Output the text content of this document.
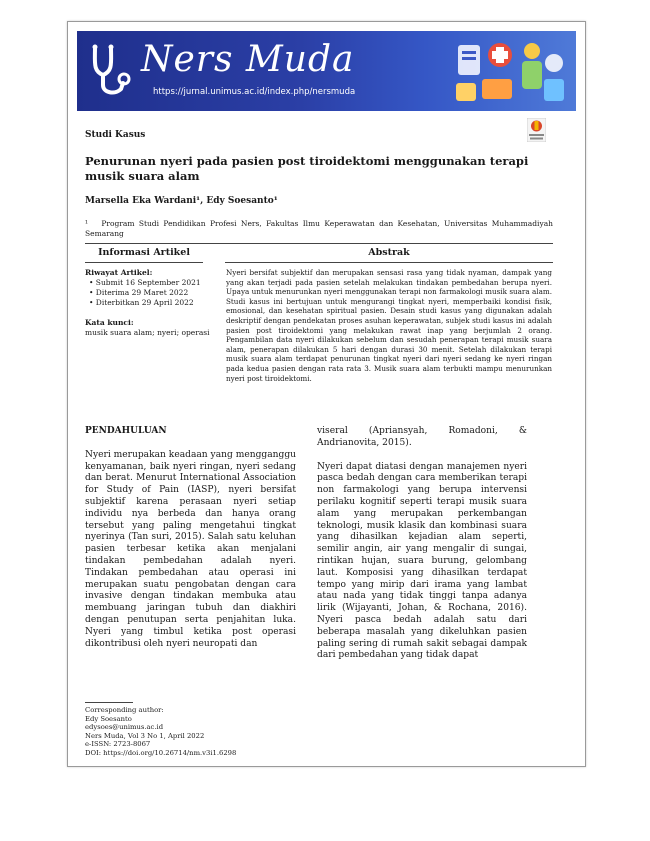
Ners Muda
https://jurnal.unimus.ac.id/index.php/nersmuda
Studi Kasus
Penurunan nyeri pada pasien post tiroidektomi menggunakan terapi musik suara alam
Marsella Eka Wardani¹, Edy Soesanto¹
¹ Program Studi Pendidikan Profesi Ners, Fakultas Ilmu Keperawatan dan Kesehatan, Universitas Muhammadiyah Semarang
Informasi Artikel	Abstrak
Riwayat Artikel:
• Submit 16 September 2021
• Diterima 29 Maret 2022
• Diterbitkan 29 April 2022
Kata kunci:
musik suara alam; nyeri; operasi
Nyeri bersifat subjektif dan merupakan sensasi rasa yang tidak nyaman, dampak yang yang akan terjadi pada pasien setelah melakukan tindakan pembedahan berupa nyeri. Upaya untuk menurunkan nyeri menggunakan terapi non farmakologi musik suara alam. Studi kasus ini bertujuan untuk mengurangi tingkat nyeri, memperbaiki kondisi fisik, emosional, dan kesehatan spiritual pasien. Desain studi kasus yang digunakan adalah deskriptif dengan pendekatan proses asuhan keperawatan, subjek studi kasus ini adalah pasien post tiroidektomi yang melakukan rawat inap yang berjumlah 2 orang. Pengambilan data nyeri dilakukan sebelum dan sesudah penerapan terapi musik suara alam, penerapan dilakukan 5 hari dengan durasi 30 menit. Setelah dilakukan terapi musik suara alam terdapat penurunan tingkat nyeri dari nyeri sedang ke nyeri ringan pada kedua pasien dengan rata rata 3. Musik suara alam terbukti mampu menurunkan nyeri post tiroidektomi.
PENDAHULUAN

Nyeri merupakan keadaan yang mengganggu kenyamanan, baik nyeri ringan, nyeri sedang dan berat. Menurut International Association for Study of Pain (IASP), nyeri bersifat subjektif karena perasaan nyeri setiap individu nya berbeda dan hanya orang tersebut yang paling mengetahui tingkat nyerinya (Tan suri, 2015). Salah satu keluhan pasien terbesar ketika akan menjalani tindakan pembedahan adalah nyeri. Tindakan pembedahan atau operasi ini merupakan suatu pengobatan dengan cara invasive dengan tindakan membuka atau membuang jaringan tubuh dan diakhiri dengan penutupan serta penjahitan luka. Nyeri yang timbul ketika post operasi dikontribusi oleh nyeri neuropati dan

viseral (Apriansyah, Romadoni, & Andrianovita, 2015).

Nyeri dapat diatasi dengan manajemen nyeri pasca bedah dengan cara memberikan terapi non farmakologi yang berupa intervensi perilaku kognitif seperti terapi musik suara alam yang merupakan perkembangan teknologi, musik klasik dan kombinasi suara yang dihasilkan kejadian alam seperti, semilir angin, air yang mengalir di sungai, rintikan hujan, suara burung, gelombang laut. Komposisi yang dihasilkan terdapat tempo yang mirip dari irama yang lambat atau nada yang tidak tinggi tanpa adanya lirik (Wijayanti, Johan, & Rochana, 2016). Nyeri pasca bedah adalah satu dari beberapa masalah yang dikeluhkan pasien paling sering di rumah sakit sebagai dampak dari pembedahan yang tidak dapat

Corresponding author:
Edy Soesanto
edysoes@unimus.ac.id
Ners Muda, Vol 3 No 1, April 2022
e-ISSN: 2723-8067
DOI: https://doi.org/10.26714/nm.v3i1.6298
